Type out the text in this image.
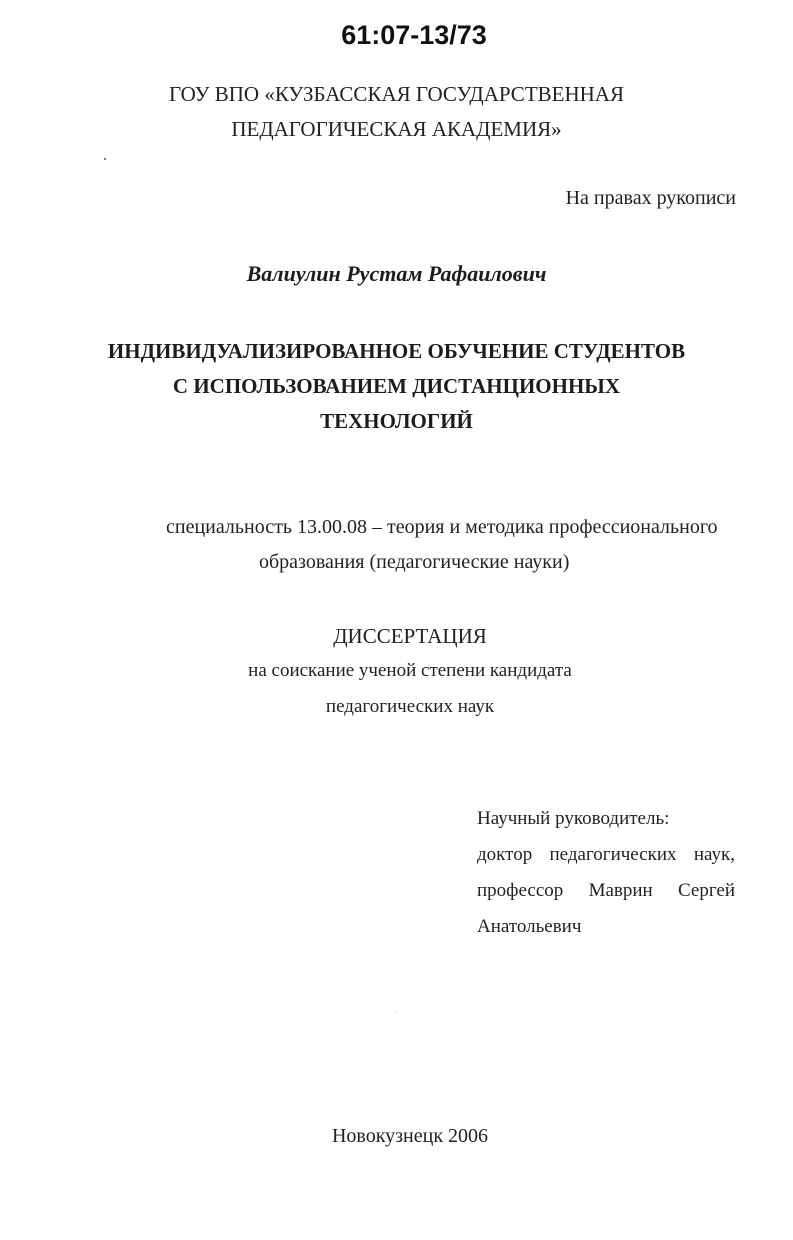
61:07-13/73
ГОУ ВПО «КУЗБАССКАЯ ГОСУДАРСТВЕННАЯ
ПЕДАГОГИЧЕСКАЯ АКАДЕМИЯ»
На правах рукописи
Валиулин Рустам Рафаилович
ИНДИВИДУАЛИЗИРОВАННОЕ ОБУЧЕНИЕ СТУДЕНТОВ
С ИСПОЛЬЗОВАНИЕМ ДИСТАНЦИОННЫХ
ТЕХНОЛОГИЙ
специальность 13.00.08 – теория и методика профессионального
образования (педагогические науки)
ДИССЕРТАЦИЯ
на соискание ученой степени кандидата
педагогических наук
Научный руководитель:
доктор педагогических наук,
профессор Маврин Сергей
Анатольевич
Новокузнецк 2006
